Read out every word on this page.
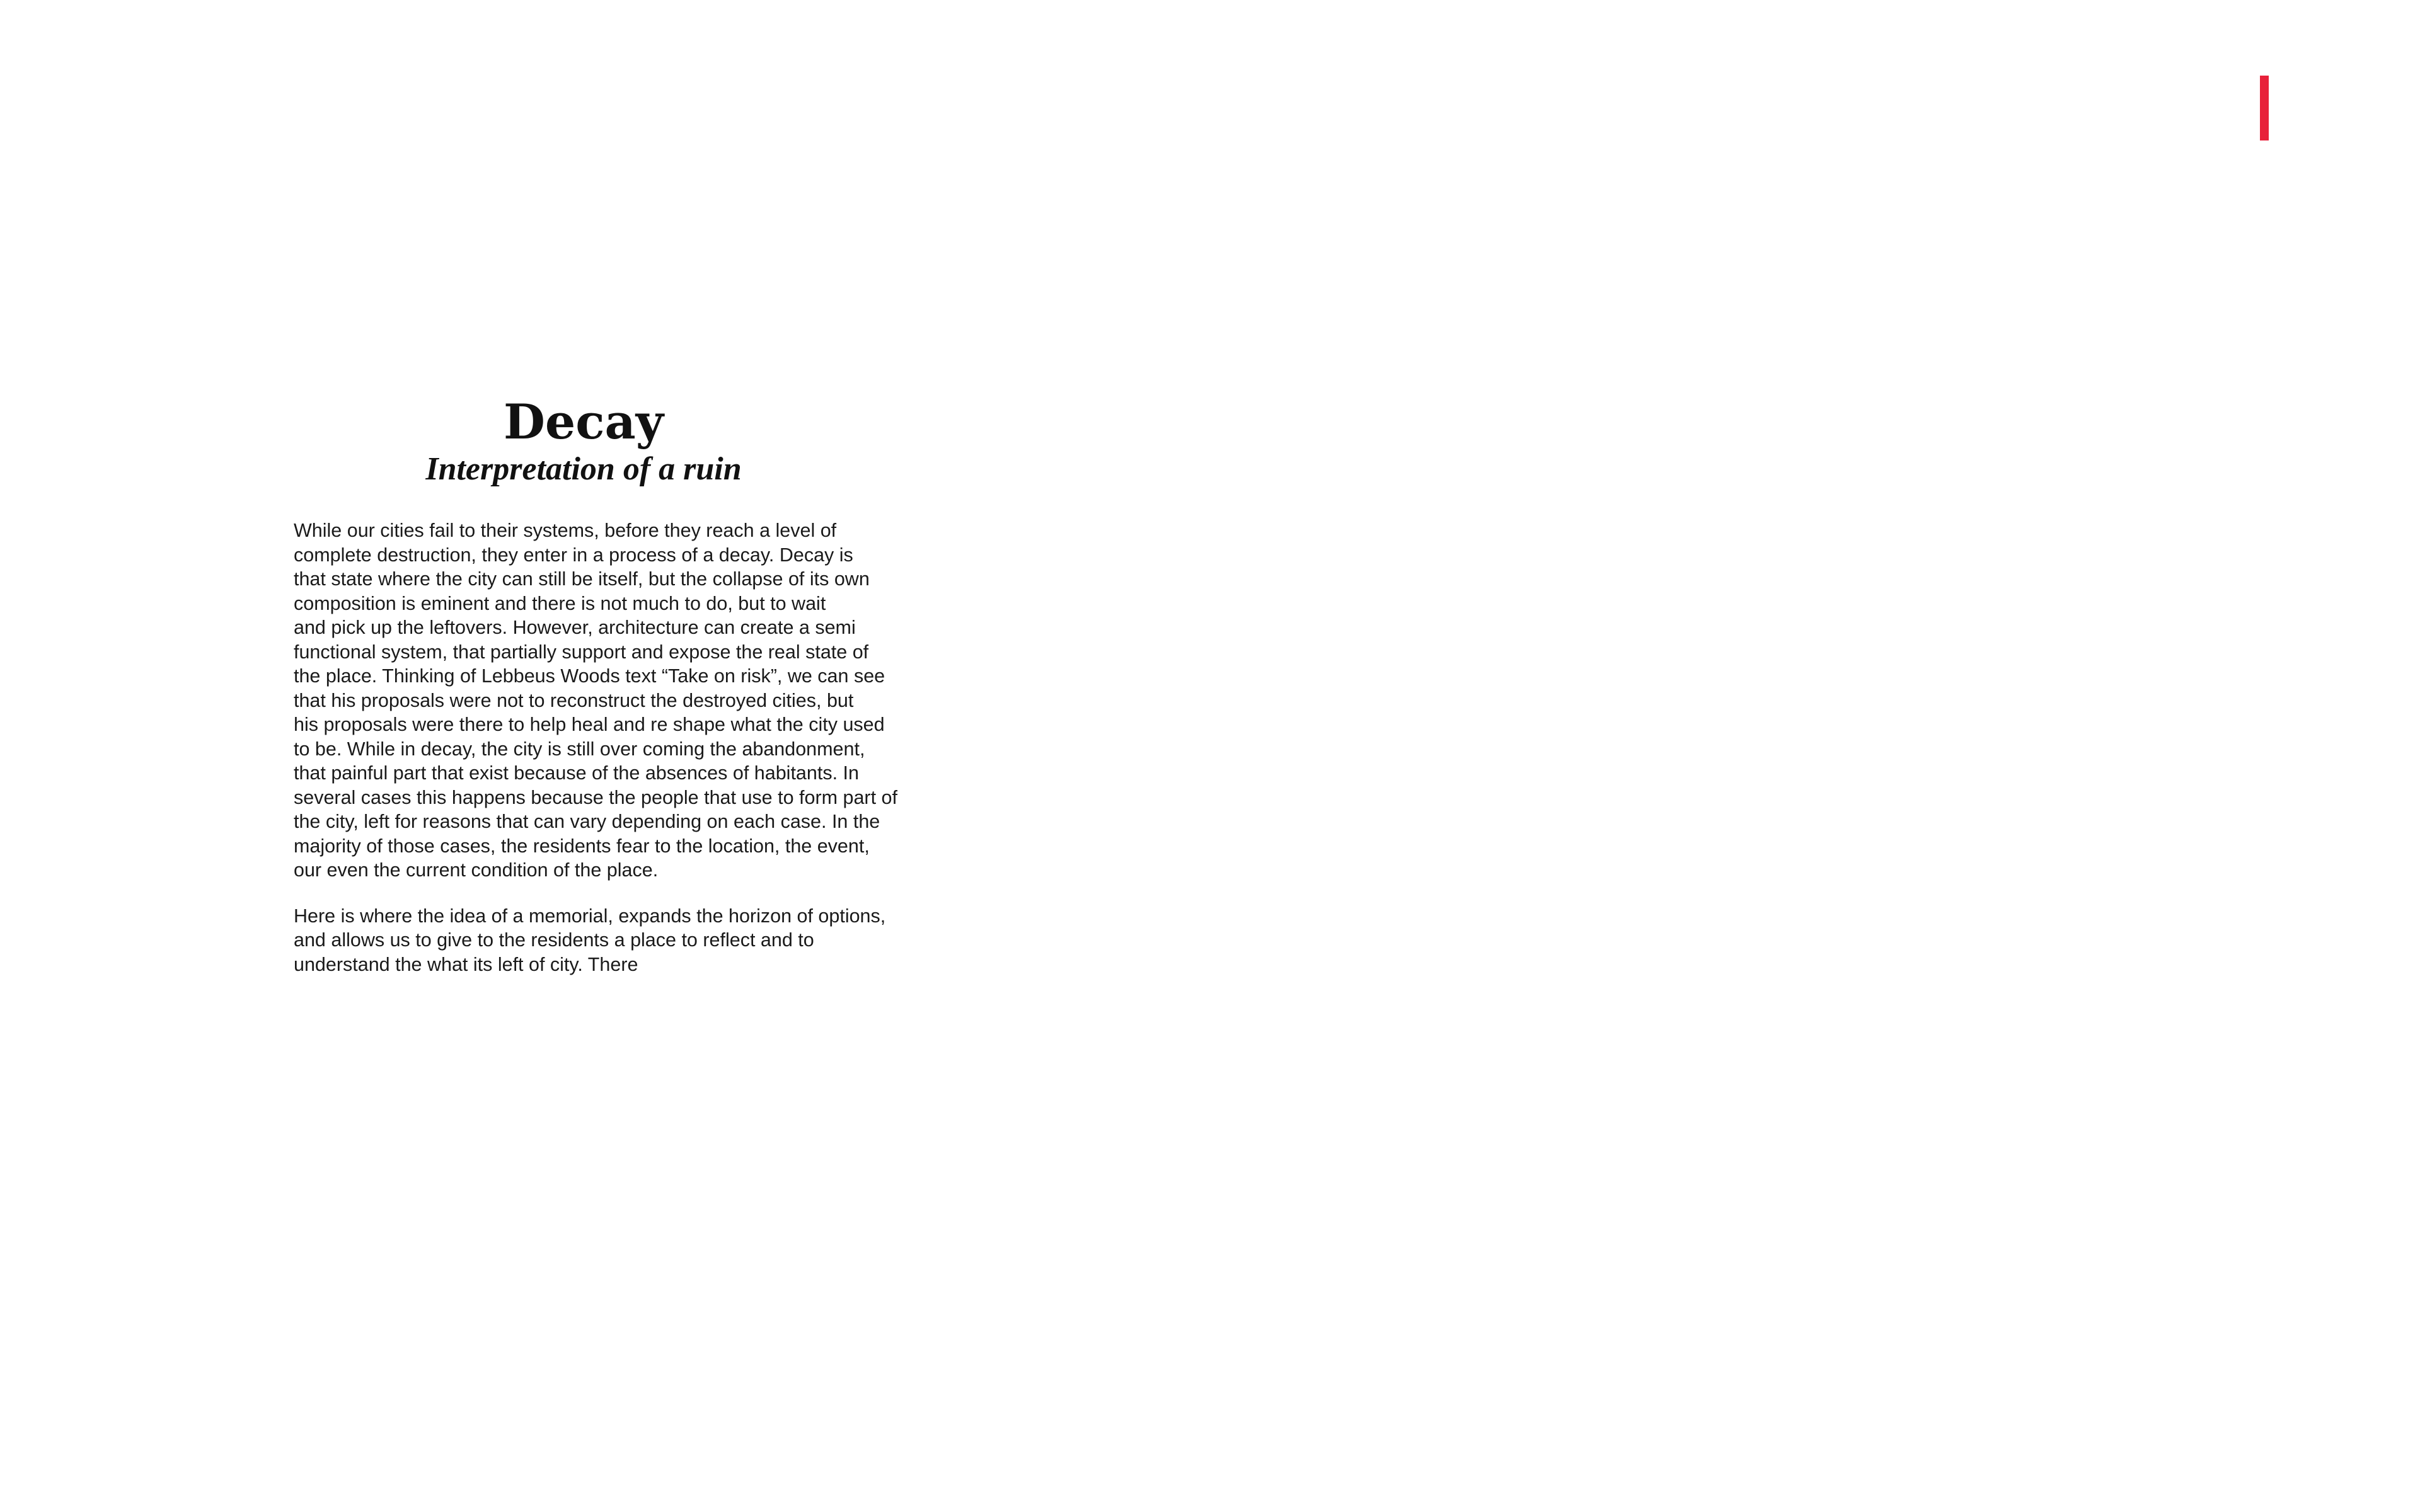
Decay
Interpretation of a ruin

While our cities fail to their systems, before they reach a level of
complete destruction, they enter in a process of a decay. Decay is
that state where the city can still be itself, but the collapse of its own
composition is eminent and there is not much to do, but to wait
and pick up the leftovers. However, architecture can create a semi
functional system, that partially support and expose the real state of
the place. Thinking of Lebbeus Woods text “Take on risk”, we can see
that his proposals were not to reconstruct the destroyed cities, but
his proposals were there to help heal and re shape what the city used
to be. While in decay, the city is still over coming the abandonment,
that painful part that exist because of the absences of habitants. In
several cases this happens because the people that use to form part of
the city, left for reasons that can vary depending on each case. In the
majority of those cases, the residents fear to the location, the event,
our even the current condition of the place.

Here is where the idea of a memorial, expands the horizon of options,
and allows us to give to the residents a place to reflect and to
understand the what its left of city. There
